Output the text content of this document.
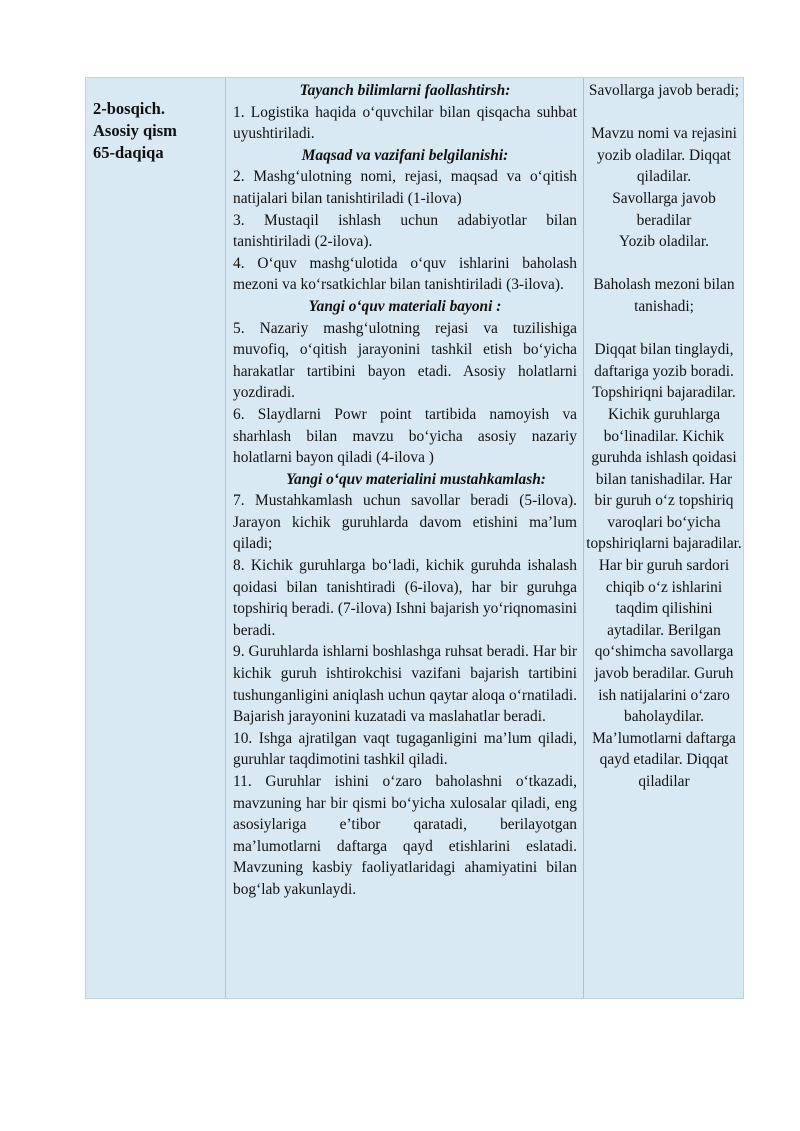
2-bosqich.
Asosiy qism
65-daqiqa

Tayanch bilimlarni faollashtirsh:

1. Logistika haqida o‘quvchilar bilan qisqacha suhbat uyushtiriladi.

Maqsad va vazifani belgilanishi:

2. Mashg‘ulotning nomi, rejasi, maqsad va o‘qitish natijalari bilan tanishtiriladi (1-ilova)

3. Mustaqil ishlash uchun adabiyotlar bilan tanishtiriladi (2-ilova).

4. O‘quv mashg‘ulotida o‘quv ishlarini baholash mezoni va ko‘rsatkichlar bilan tanishtiriladi (3-ilova).

Yangi o‘quv materiali bayoni :

5. Nazariy mashg‘ulotning rejasi va tuzilishiga muvofiq, o‘qitish jarayonini tashkil etish bo‘yicha harakatlar tartibini bayon etadi. Asosiy holatlarni yozdiradi.

6. Slaydlarni Powr point tartibida namoyish va sharhlash bilan mavzu bo‘yicha asosiy nazariy holatlarni bayon qiladi (4-ilova )

Yangi o‘quv materialini mustahkamlash:

7. Mustahkamlash uchun savollar beradi (5-ilova). Jarayon kichik guruhlarda davom etishini ma’lum qiladi;

8. Kichik guruhlarga bo‘ladi, kichik guruhda ishalash qoidasi bilan tanishtiradi (6-ilova), har bir guruhga topshiriq beradi. (7-ilova) Ishni bajarish yo‘riqnomasini beradi.

9. Guruhlarda ishlarni boshlashga ruhsat beradi. Har bir kichik guruh ishtirokchisi vazifani bajarish tartibini tushunganligini aniqlash uchun qaytar aloqa o‘rnatiladi. Bajarish jarayonini kuzatadi va maslahatlar beradi.

10. Ishga ajratilgan vaqt tugaganligini ma’lum qiladi, guruhlar taqdimotini tashkil qiladi.

11. Guruhlar ishini o‘zaro baholashni o‘tkazadi, mavzuning har bir qismi bo‘yicha xulosalar qiladi, eng asosiylariga e’tibor qaratadi, berilayotgan ma’lumotlarni daftarga qayd etishlarini eslatadi. Mavzuning kasbiy faoliyatlaridagi ahamiyatini bilan bog‘lab yakunlaydi.

Savollarga javob beradi;

Mavzu nomi va rejasini yozib oladilar. Diqqat qiladilar.

Savollarga javob beradilar

Yozib oladilar.

Baholash mezoni bilan tanishadi;

Diqqat bilan tinglaydi, daftariga yozib boradi. Topshiriqni bajaradilar. Kichik guruhlarga bo‘linadilar. Kichik guruhda ishlash qoidasi bilan tanishadilar. Har bir guruh o‘z topshiriq varoqlari bo‘yicha topshiriqlarni bajaradilar. Har bir guruh sardori chiqib o‘z ishlarini taqdim qilishini aytadilar. Berilgan qo‘shimcha savollarga javob beradilar. Guruh ish natijalarini o‘zaro baholaydilar. Ma’lumotlarni daftarga qayd etadilar. Diqqat qiladilar
